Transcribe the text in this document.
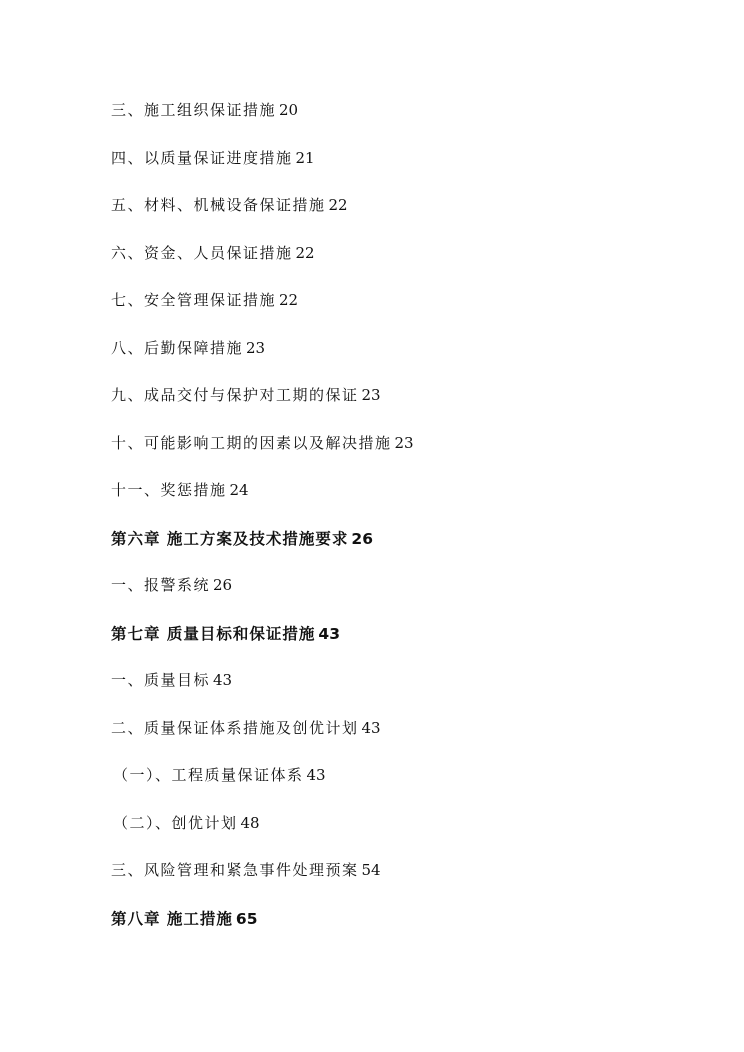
三、施工组织保证措施 20
四、以质量保证进度措施 21
五、材料、机械设备保证措施 22
六、资金、人员保证措施 22
七、安全管理保证措施 22
八、后勤保障措施 23
九、成品交付与保护对工期的保证 23
十、可能影响工期的因素以及解决措施 23
十一、奖惩措施 24
第六章 施工方案及技术措施要求 26
一、报警系统 26
第七章 质量目标和保证措施 43
一、质量目标 43
二、质量保证体系措施及创优计划 43
（一）、工程质量保证体系 43
（二）、创优计划 48
三、风险管理和紧急事件处理预案 54
第八章 施工措施 65
